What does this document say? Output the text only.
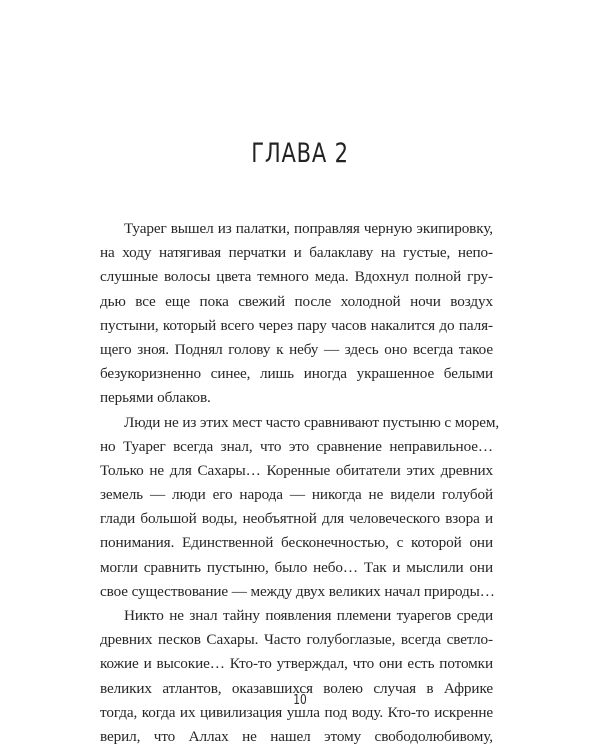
ГЛАВА 2
Туарег вышел из палатки, поправляя черную экипировку,
на ходу натягивая перчатки и балаклаву на густые, непо-
слушные волосы цвета темного меда. Вдохнул полной гру-
дью все еще пока свежий после холодной ночи воздух
пустыни, который всего через пару часов накалится до паля-
щего зноя. Поднял голову к небу — здесь оно всегда такое
безукоризненно синее, лишь иногда украшенное белыми
перьями облаков.
Люди не из этих мест часто сравнивают пустыню с морем,
но Туарег всегда знал, что это сравнение неправильное…
Только не для Сахары… Коренные обитатели этих древних
земель — люди его народа — никогда не видели голубой
глади большой воды, необъятной для человеческого взора и
понимания. Единственной бесконечностью, с которой они
могли сравнить пустыню, было небо… Так и мыслили они
свое существование — между двух великих начал природы…
Никто не знал тайну появления племени туарегов среди
древних песков Сахары. Часто голубоглазые, всегда светло-
кожие и высокие… Кто-то утверждал, что они есть потомки
великих атлантов, оказавшихся волею случая в Африке
тогда, когда их цивилизация ушла под воду. Кто-то искренне
верил, что Аллах не нашел этому свободолюбивому,
10
